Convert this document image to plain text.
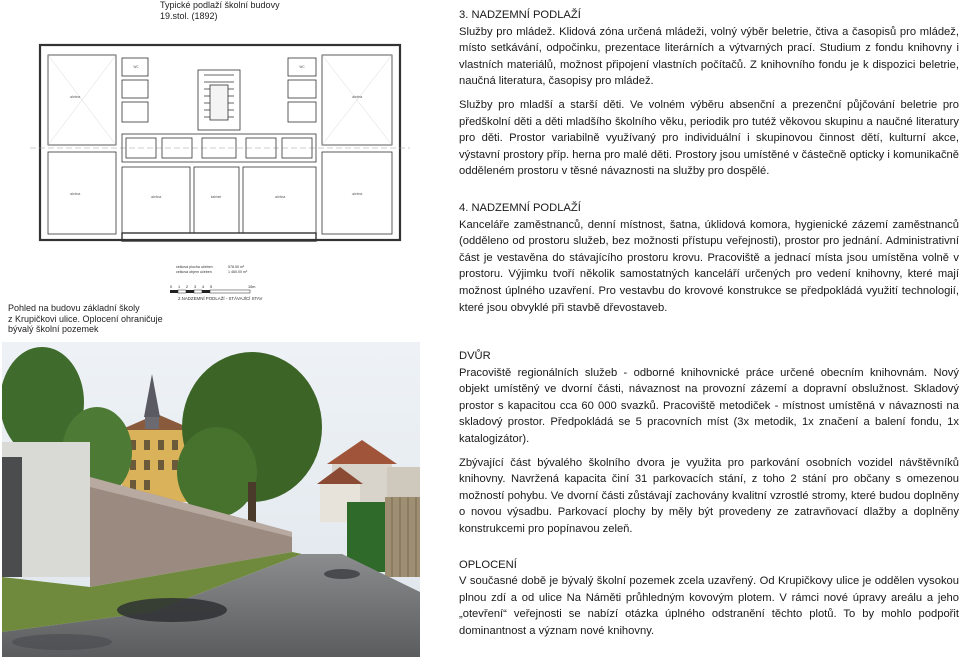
Typické podlaží školní budovy
19.stol. (1892)
učebna
učebna
učebna
učebna
učebna	kabinet	učebna
WC	WC
celková plocha učeben	578.50 m²
celková objem učeben	1 460.00 m³
0 1 2 3 4 5	10m
2.NADZEMNÍ PODLAŽÍ - STÁVAJÍCÍ STAV
Pohled na budovu základní školy
z Krupičkovi ulice. Oplocení ohraničuje
bývalý školní pozemek

3. NADZEMNÍ PODLAŽÍ

Služby pro mládež. Klidová zóna určená mládeži, volný výběr beletrie, čtiva a časopisů pro mládež, místo setkávání, odpočinku, prezentace literárních a výtvarných prací. Studium z fondu knihovny i vlastních materiálů, možnost připojení vlastních počítačů. Z knihovního fondu je k dispozici beletrie, naučná literatura, časopisy pro mládež.

Služby pro mladší a starší děti. Ve volném výběru absenční a prezenční půjčování beletrie pro předškolní děti a děti mladšího školního věku, periodik pro tutéž věkovou skupinu a naučné literatury pro děti. Prostor variabilně využívaný pro individuální i skupinovou činnost dětí, kulturní akce, výstavní prostory příp. herna pro malé děti. Prostory jsou umístěné v částečně opticky i komunikačně odděleném prostoru v těsné návaznosti na služby pro dospělé.

4. NADZEMNÍ PODLAŽÍ

Kanceláře zaměstnanců, denní místnost, šatna, úklidová komora, hygienické zázemí zaměstnanců (odděleno od prostoru služeb, bez možnosti přístupu veřejnosti), prostor pro jednání. Administrativní část je vestavěna do stávajícího prostoru krovu. Pracoviště a jednací místa jsou umístěna volně v prostoru. Výjimku tvoří několik samostatných kanceláří určených pro vedení knihovny, které mají možnost úplného uzavření. Pro vestavbu do krovové konstrukce se předpokládá využití technologií, které jsou obvyklé při stavbě dřevostaveb.

DVŮR

Pracoviště regionálních služeb - odborné knihovnické práce určené obecním knihovnám. Nový objekt umístěný ve dvorní části, návaznost na provozní zázemí a dopravní obslužnost. Skladový prostor s kapacitou cca 60 000 svazků. Pracoviště metodiček - místnost umístěná v návaznosti na skladový prostor. Předpokládá se 5 pracovních míst (3x metodik, 1x značení a balení fondu, 1x katalogizátor).

Zbývající část bývalého školního dvora je využita pro parkování osobních vozidel návštěvníků knihovny. Navržená kapacita činí 31 parkovacích stání, z toho 2 stání pro občany s omezenou možností pohybu. Ve dvorní části zůstávají zachovány kvalitní vzrostlé stromy, které budou doplněny o novou výsadbu. Parkovací plochy by měly být provedeny ze zatravňovací dlažby a doplněny konstrukcemi pro popínavou zeleň.

OPLOCENÍ

V současné době je bývalý školní pozemek zcela uzavřený. Od Krupičkovy ulice je oddělen vysokou plnou zdí a od ulice Na Náměti průhledným kovovým plotem. V rámci nové úpravy areálu a jeho „otevření“ veřejnosti se nabízí otázka úplného odstranění těchto plotů. To by mohlo podpořit dominantnost a význam nové knihovny.
